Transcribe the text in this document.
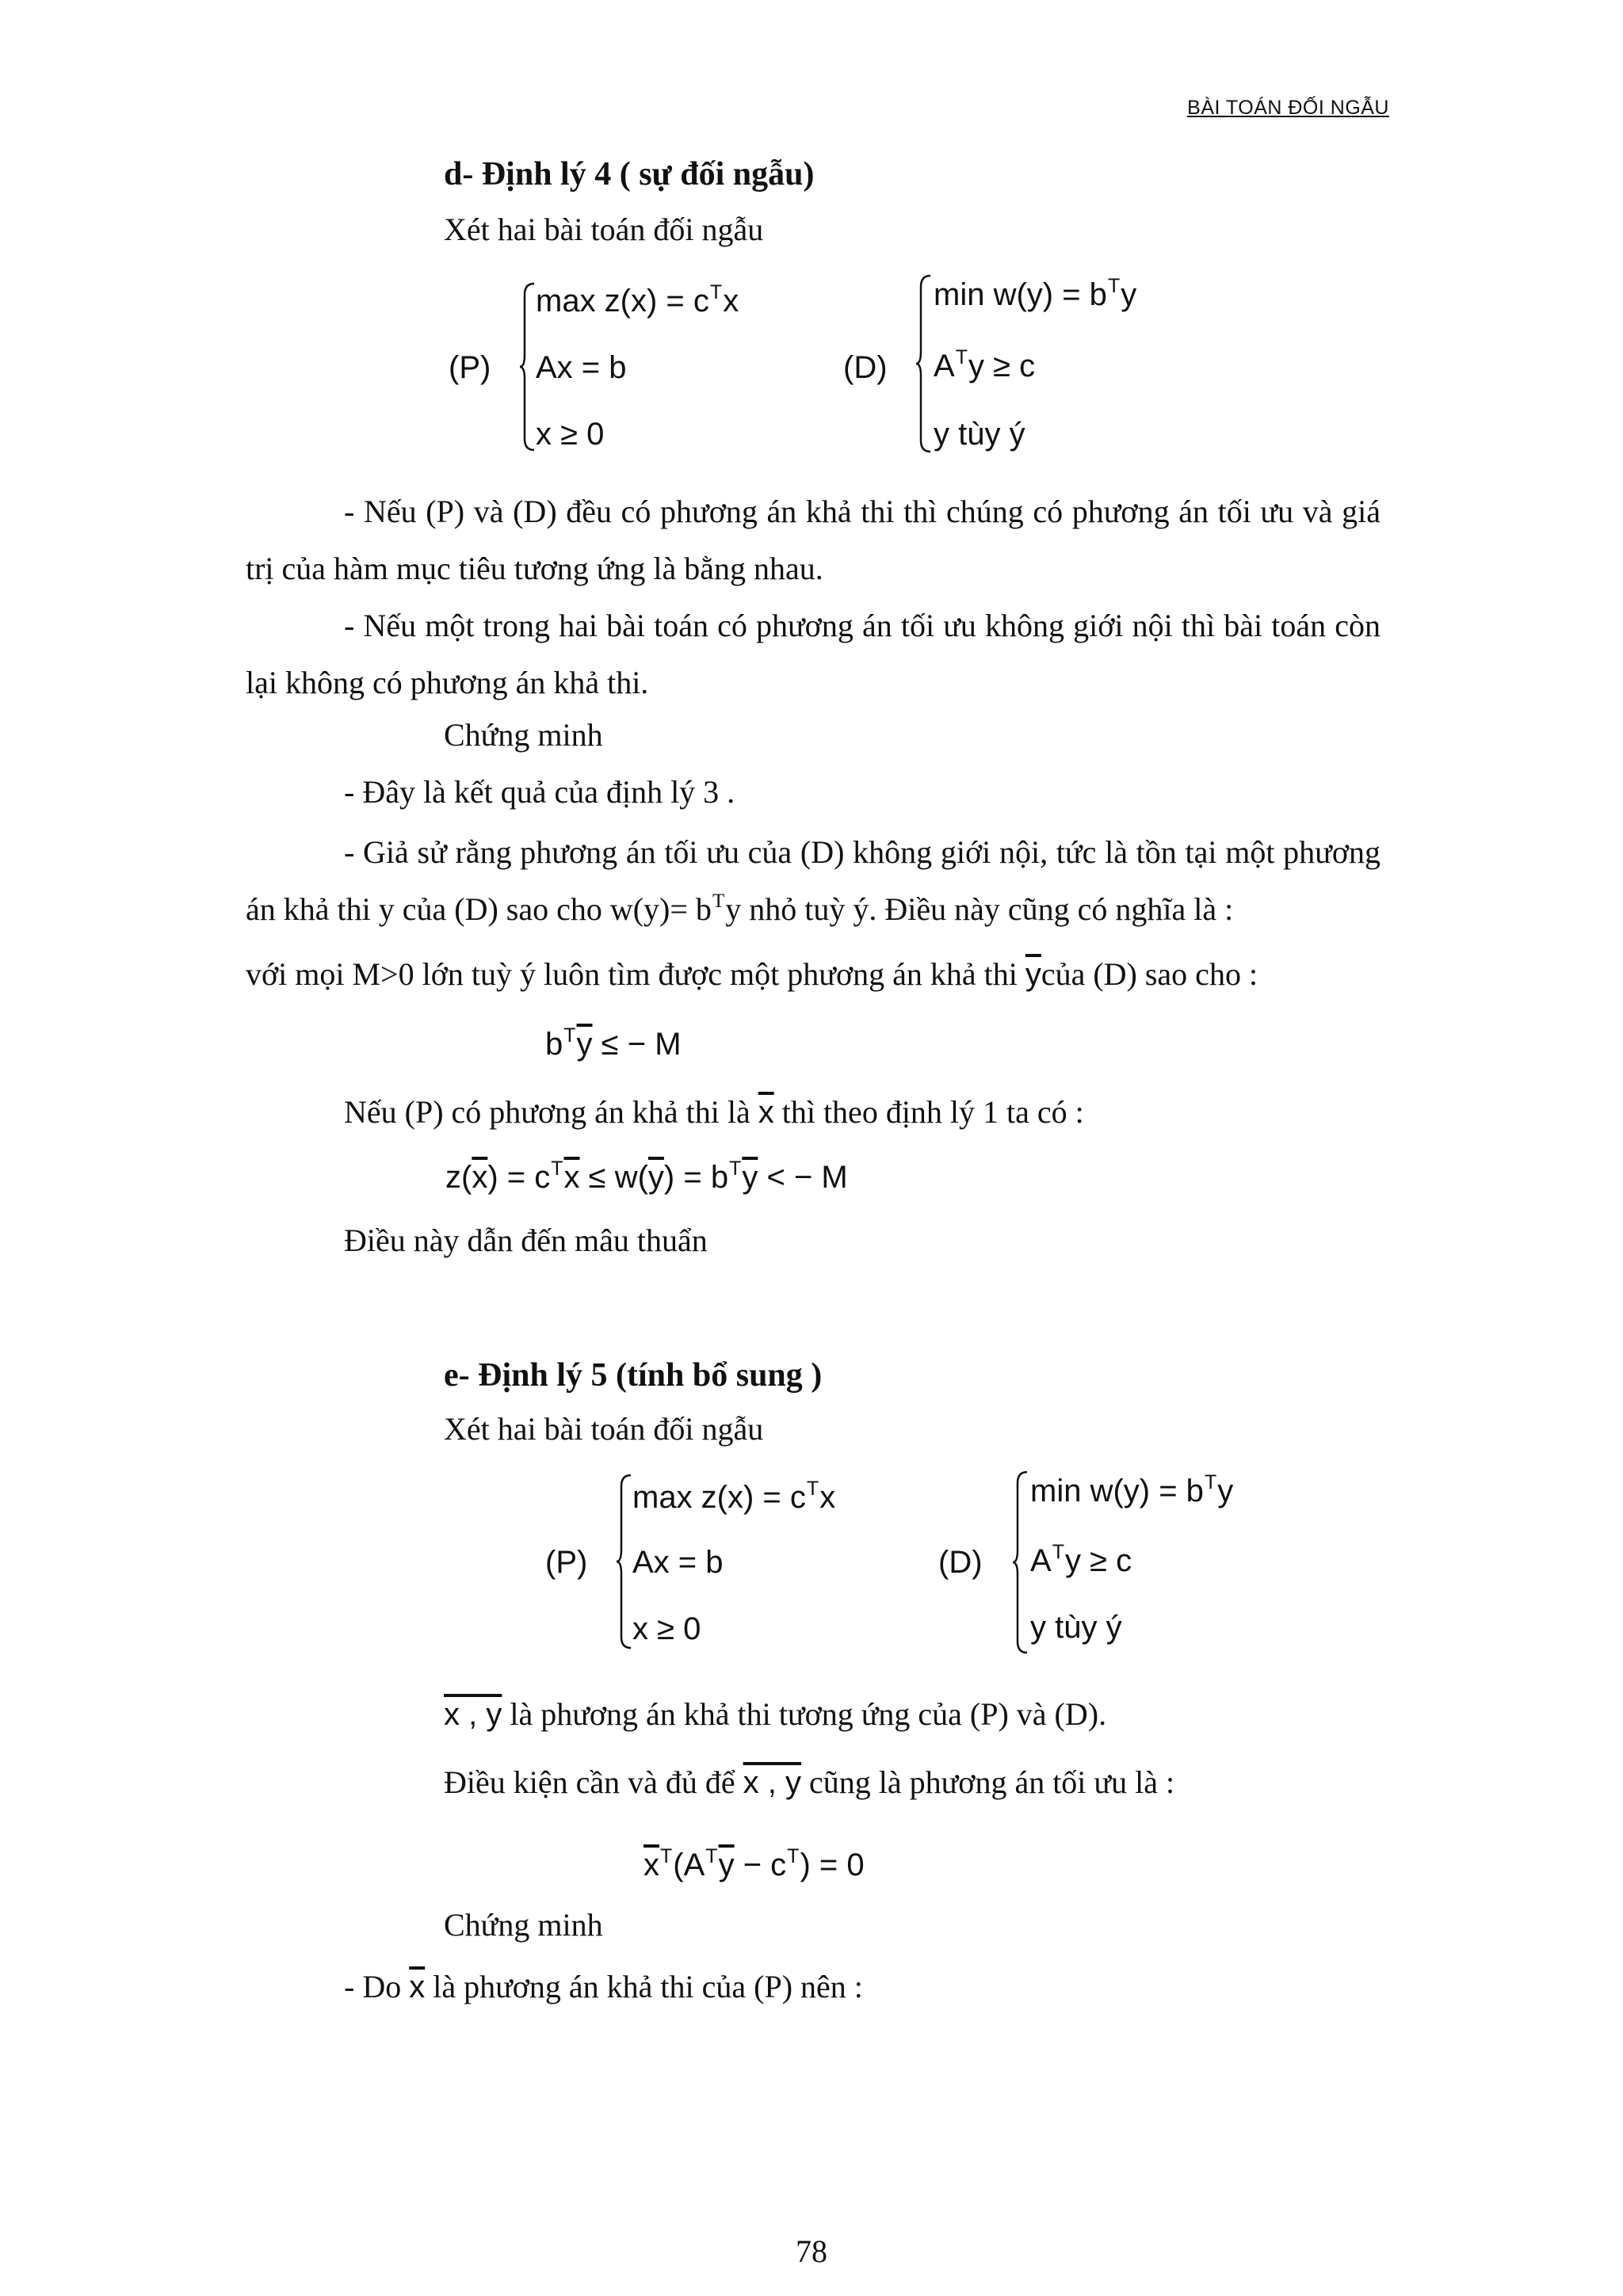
BÀI TOÁN ĐỐI NGẪU
d- Định lý 4 ( sự đối ngẫu)
Xét hai bài toán đối ngẫu
(P)
$\max z(x) = c^Tx$
Ax = b
x ≥ 0
(D)
$\min w(y) = b^Ty$
$A^Ty \ge c$
y tùy ý
- Nếu (P) và (D) đều có phương án khả thi thì chúng có phương án tối ưu và giá trị của hàm mục tiêu tương ứng là bằng nhau.
- Nếu một trong hai bài toán có phương án tối ưu không giới nội thì bài toán còn lại không có phương án khả thi.
Chứng minh
- Đây là kết quả của định lý 3 .
- Giả sử rằng phương án tối ưu của (D) không giới nội, tức là tồn tại một phương án khả thi y của (D) sao cho $w(y)= b^Ty$ nhỏ tuỳ ý. Điều này cũng có nghĩa là :
với mọi M>0 lớn tuỳ ý luôn tìm được một phương án khả thi $\overline{y}của$ (D) sao cho :
$b^T\overline{y}$ ≤ − M
Nếu (P) có phương án khả thi là $\overline{x}$ thì theo định lý 1 ta có :
$z(\overline{x}) = c^T\overline{x} \le w(\overline{y}) = b^T\overline{y}$ < − M
Điều này dẫn đến mâu thuẩn
e- Định lý 5 (tính bổ sung )
Xét hai bài toán đối ngẫu
(P)
$\max z(x) = c^Tx$
Ax = b
x ≥ 0
(D)
$\min w(y) = b^Ty$
$A^Ty \ge c$
y tùy ý
x , y là phương án khả thi tương ứng của (P) và (D).
Điều kiện cần và đủ để x , y cũng là phương án tối ưu là :
$\overline{x}^T(A^T\overline{y} - c^T) = 0$
Chứng minh
- Do $\overline{x}$ là phương án khả thi của (P) nên :
78
